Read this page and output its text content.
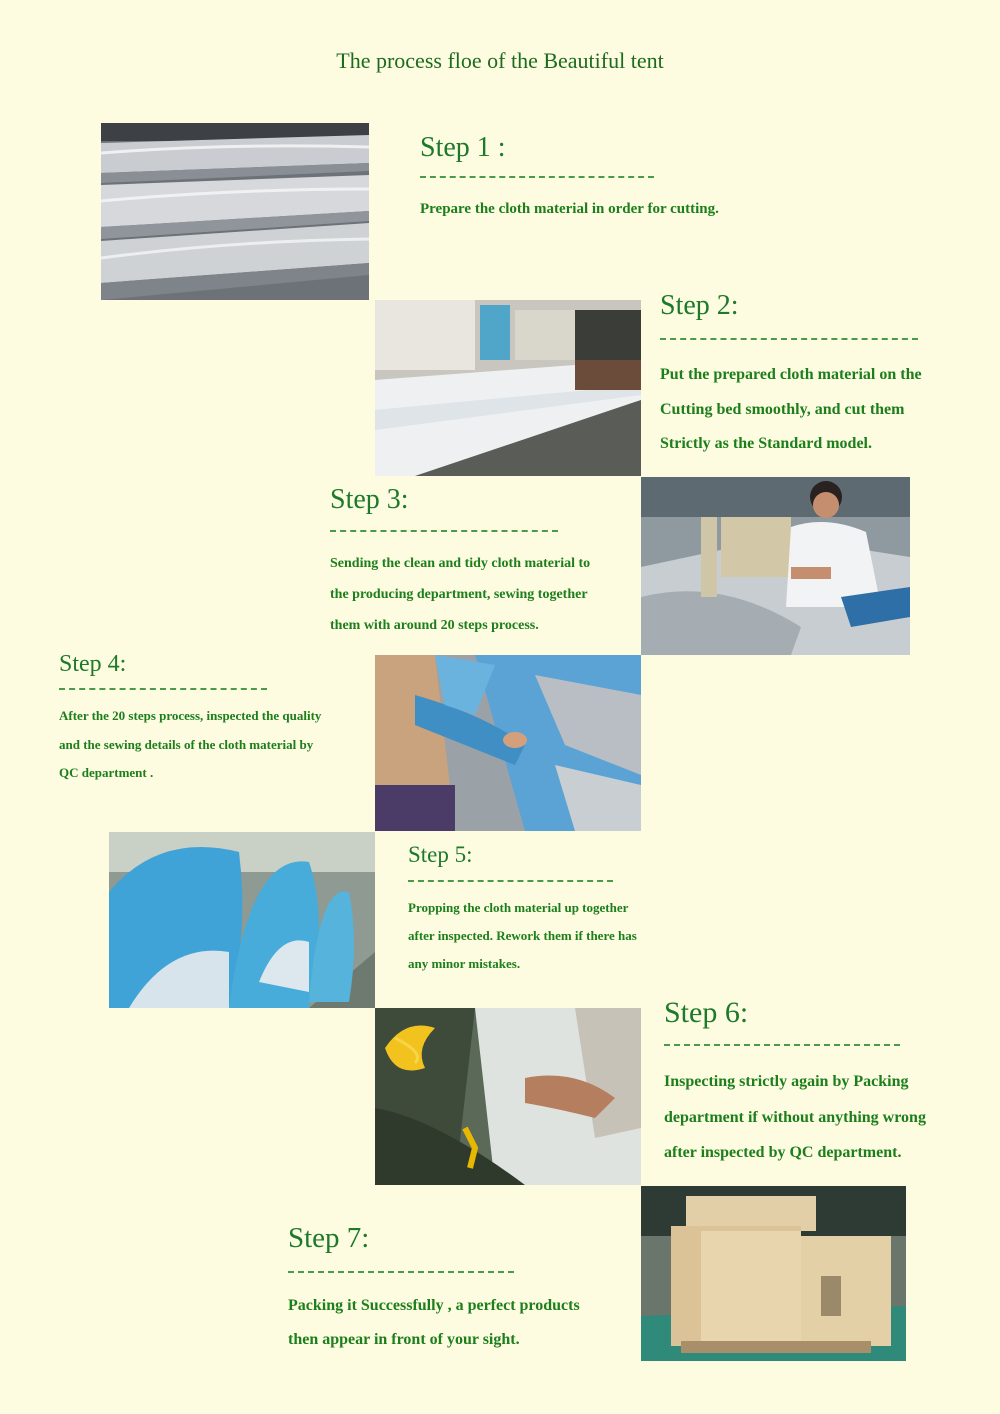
The process floe of the Beautiful tent
Step 1 :

Prepare the cloth material in order for cutting.

Step 2:

Put the prepared cloth material on the
Cutting bed smoothly, and cut them
Strictly as the Standard model.

Step 3:

Sending the clean and tidy cloth material to
the producing department, sewing together
them with around 20 steps process.

Step 4:

After the 20 steps process, inspected the quality
and the sewing details of the cloth material by
QC department .

Step 5:

Propping the cloth material up together
after inspected. Rework them if there has
any minor mistakes.

Step 6:

Inspecting strictly again by Packing
department if without anything wrong
after inspected by QC department.

Step 7:

Packing it Successfully , a perfect products
then appear in front of your sight.
